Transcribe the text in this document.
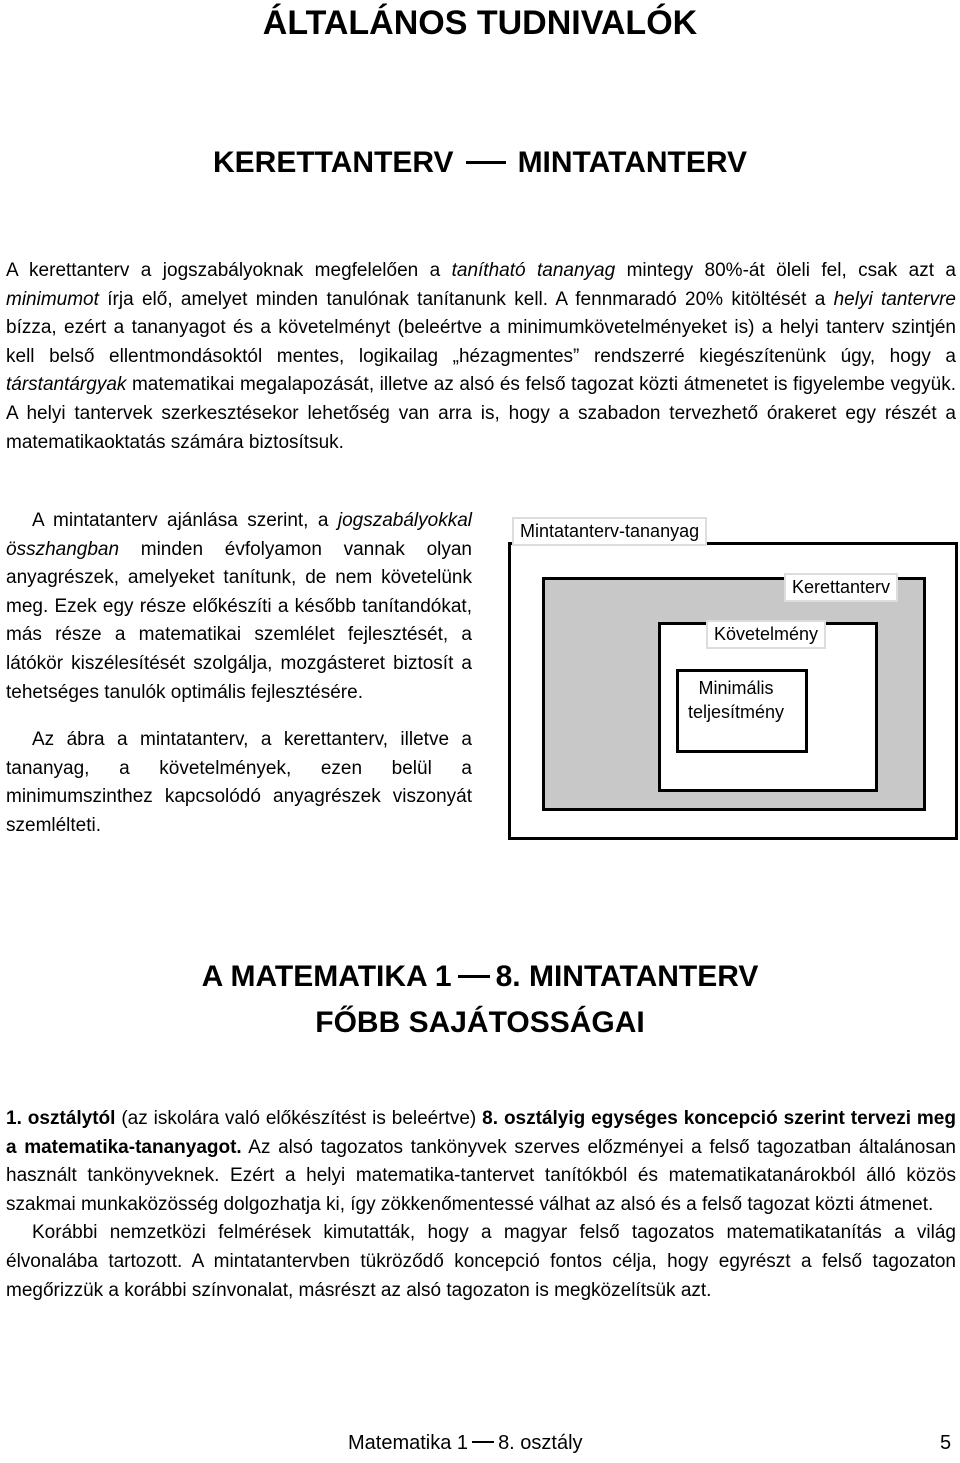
ÁLTALÁNOS TUDNIVALÓK
KERETTANTERV MINTATANTERV

A kerettanterv a jogszabályoknak megfelelően a tanítható tananyag mintegy 80%-át öleli fel, csak azt a minimumot írja elő, amelyet minden tanulónak tanítanunk kell. A fennmaradó 20% kitöltését a helyi tantervre bízza, ezért a tananyagot és a követelményt (beleértve a minimumkövetelményeket is) a helyi tanterv szintjén kell belső ellentmondásoktól mentes, logikailag „hézagmentes” rendszerré kiegészítenünk úgy, hogy a társtantárgyak matematikai megalapozását, illetve az alsó és felső tagozat közti átmenetet is figyelembe vegyük. A helyi tantervek szerkesztésekor lehetőség van arra is, hogy a szabadon tervezhető órakeret egy részét a matematikaoktatás számára biztosítsuk.

A mintatanterv ajánlása szerint, a jogszabályokkal összhangban minden évfolyamon vannak olyan anyagrészek, amelyeket tanítunk, de nem követelünk meg. Ezek egy része előkészíti a később tanítandókat, más része a matematikai szemlélet fejlesztését, a látókör kiszélesítését szolgálja, mozgásteret biztosít a tehetséges tanulók optimális fejlesztésére.

Az ábra a mintatanterv, a kerettanterv, illetve a tananyag, a követelmények, ezen belül a minimumszinthez kapcsolódó anyagrészek viszonyát szemlélteti.

Mintatanterv-tananyag
Kerettanterv
Követelmény
Minimális
teljesítmény
A MATEMATIKA 1 8. MINTATANTERV
FŐBB SAJÁTOSSÁGAI

1. osztálytól (az iskolára való előkészítést is beleértve) 8. osztályig egységes koncepció szerint tervezi meg a matematika-tananyagot. Az alsó tagozatos tankönyvek szerves előzményei a felső tagozatban általánosan használt tankönyveknek. Ezért a helyi matematika-tantervet tanítókból és matematikatanárokból álló közös szakmai munkaközösség dolgozhatja ki, így zökkenőmentessé válhat az alsó és a felső tagozat közti átmenet.

Korábbi nemzetközi felmérések kimutatták, hogy a magyar felső tagozatos matematikatanítás a világ élvonalába tartozott. A mintatantervben tükröződő koncepció fontos célja, hogy egyrészt a felső tagozaton megőrizzük a korábbi színvonalat, másrészt az alsó tagozaton is megközelítsük azt.

Matematika 1 8. osztály	5
